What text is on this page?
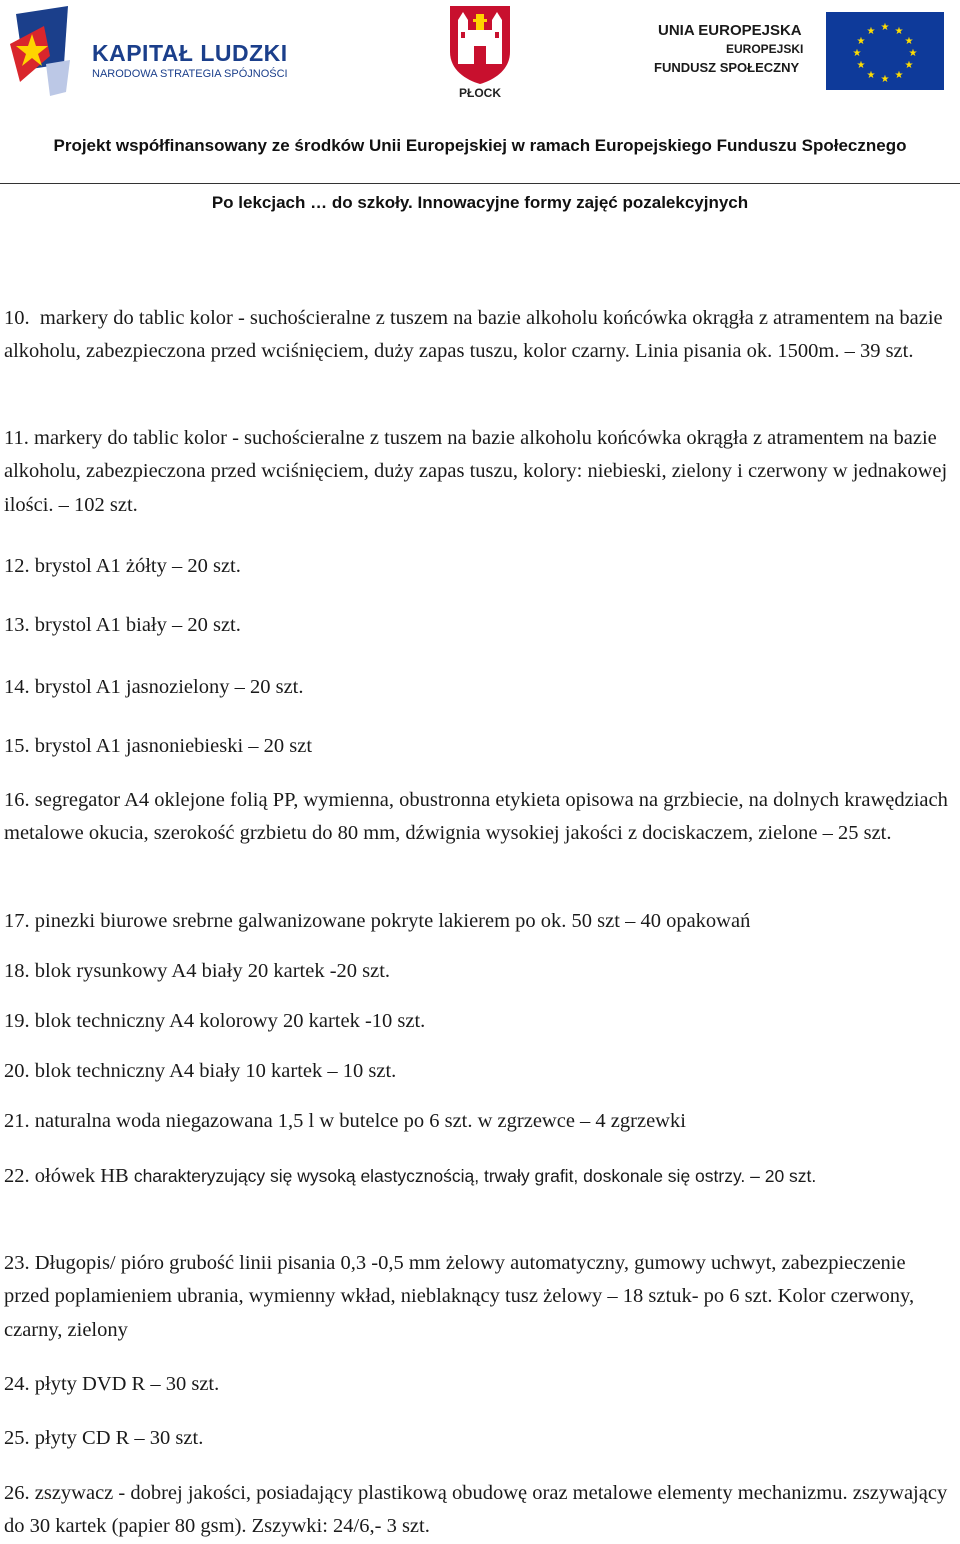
KAPITAŁ LUDZKI
NARODOWA STRATEGIA SPÓJNOŚCI
PŁOCK
UNIA EUROPEJSKA
EUROPEJSKI
FUNDUSZ SPOŁECZNY
★ ★
★
★
★
★
★
★
★
★
★
★
Projekt współfinansowany ze środków Unii Europejskiej w ramach Europejskiego Funduszu Społecznego
Po lekcjach … do szkoły. Innowacyjne formy zajęć pozalekcyjnych

10. markery do tablic kolor - suchościeralne z tuszem na bazie alkoholu końcówka okrągła z atramentem na bazie alkoholu, zabezpieczona przed wciśnięciem, duży zapas tuszu, kolor czarny. Linia pisania ok. 1500m. – 39 szt.

11. markery do tablic kolor - suchościeralne z tuszem na bazie alkoholu końcówka okrągła z atramentem na bazie alkoholu, zabezpieczona przed wciśnięciem, duży zapas tuszu, kolory: niebieski, zielony i czerwony w jednakowej ilości. – 102 szt.

12. brystol A1 żółty – 20 szt.

13. brystol A1 biały – 20 szt.

14. brystol A1 jasnozielony – 20 szt.

15. brystol A1 jasnoniebieski – 20 szt

16. segregator A4 oklejone folią PP, wymienna, obustronna etykieta opisowa na grzbiecie, na dolnych krawędziach metalowe okucia, szerokość grzbietu do 80 mm, dźwignia wysokiej jakości z dociskaczem, zielone – 25 szt.

17. pinezki biurowe srebrne galwanizowane pokryte lakierem po ok. 50 szt – 40 opakowań

18. blok rysunkowy A4 biały 20 kartek -20 szt.

19. blok techniczny A4 kolorowy 20 kartek -10 szt.

20. blok techniczny A4 biały 10 kartek – 10 szt.

21. naturalna woda niegazowana 1,5 l w butelce po 6 szt. w zgrzewce – 4 zgrzewki

22. ołówek HB charakteryzujący się wysoką elastycznością, trwały grafit, doskonale się ostrzy. – 20 szt.

23. Długopis/ pióro grubość linii pisania 0,3 -0,5 mm żelowy automatyczny, gumowy uchwyt, zabezpieczenie przed poplamieniem ubrania, wymienny wkład, nieblaknący tusz żelowy – 18 sztuk- po 6 szt. Kolor czerwony, czarny, zielony

24. płyty DVD R – 30 szt.

25. płyty CD R – 30 szt.

26. zszywacz - dobrej jakości, posiadający plastikową obudowę oraz metalowe elementy mechanizmu. zszywający do 30 kartek (papier 80 gsm). Zszywki: 24/6,- 3 szt.
